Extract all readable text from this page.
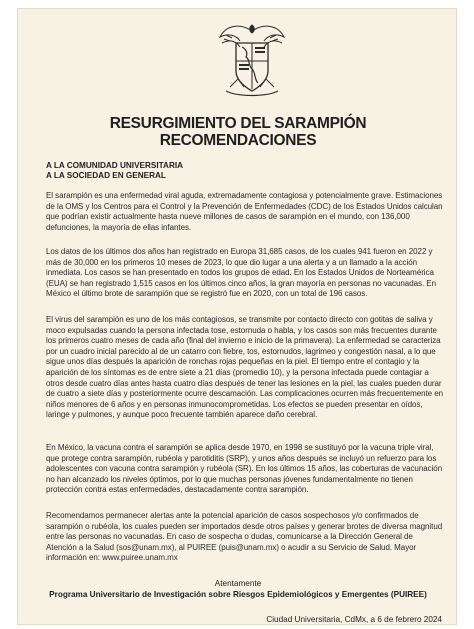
RESURGIMIENTO DEL SARAMPIÓN
RECOMENDACIONES
A LA COMUNIDAD UNIVERSITARIA
A LA SOCIEDAD EN GENERAL

El sarampión es una enfermedad viral aguda, extremadamente contagiosa y potencialmente grave. Estimaciones de la OMS y los Centros para el Control y la Prevención de Enfermedades (CDC) de los Estados Unidos calculan que podrían existir actualmente hasta nueve millones de casos de sarampión en el mundo, con 136,000 defunciones, la mayoría de ellas infantes.

Los datos de los últimos dos años han registrado en Europa 31,685 casos, de los cuales 941 fueron en 2022 y más de 30,000 en los primeros 10 meses de 2023, lo que dio lugar a una alerta y a un llamado a la acción inmediata. Los casos se han presentado en todos los grupos de edad. En los Estados Unidos de Norteamérica (EUA) se han registrado 1,515 casos en los últimos cinco años, la gran mayoría en personas no vacunadas. En México el último brote de sarampión que se registró fue en 2020, con un total de 196 casos.

El virus del sarampión es uno de los más contagiosos, se transmite por contacto directo con gotitas de saliva y moco expulsadas cuando la persona infectada tose, estornuda o habla, y los casos son más frecuentes durante los primeros cuatro meses de cada año (final del invierno e inicio de la primavera). La enfermedad se caracteriza por un cuadro inicial parecido al de un catarro con fiebre, tos, estornudos, lagrimeo y congestión nasal, a lo que sigue unos días después la aparición de ronchas rojas pequeñas en la piel. El tiempo entre el contagio y la aparición de los síntomas es de entre siete a 21 días (promedio 10), y la persona infectada puede contagiar a otros desde cuatro días antes hasta cuatro días después de tener las lesiones en la piel, las cuales pueden durar de cuatro a siete días y posteriormente ocurre descamación. Las complicaciones ocurren más frecuentemente en niños menores de 6 años y en personas inmunocomprometidas. Los efectos se pueden presentar en oídos, laringe y pulmones, y aunque poco frecuente también aparece daño cerebral.

En México, la vacuna contra el sarampión se aplica desde 1970, en 1998 se sustituyó por la vacuna triple viral, que protege contra sarampión, rubéola y parotiditis (SRP), y unos años después se incluyó un refuerzo para los adolescentes con vacuna contra sarampión y rubéola (SR). En los últimos 15 años, las coberturas de vacunación no han alcanzado los niveles óptimos, por lo que muchas personas jóvenes fundamentalmente no tienen protección contra estas enfermedades, destacadamente contra sarampión.

Recomendamos permanecer alertas ante la potencial aparición de casos sospechosos y/o confirmados de sarampión o rubéola, los cuales pueden ser importados desde otros países y generar brotes de diversa magnitud entre las personas no vacunadas. En caso de sospecha o dudas, comunicarse a la Dirección General de Atención a la Salud (sos@unam.mx), al PUIREE (puis@unam.mx) o acudir a su Servicio de Salud. Mayor información en: www.puiree.unam.mx

Atentamente
Programa Universitario de Investigación sobre Riesgos Epidemiológicos y Emergentes (PUIREE)
Ciudad Universitaria, CdMx, a 6 de febrero 2024
